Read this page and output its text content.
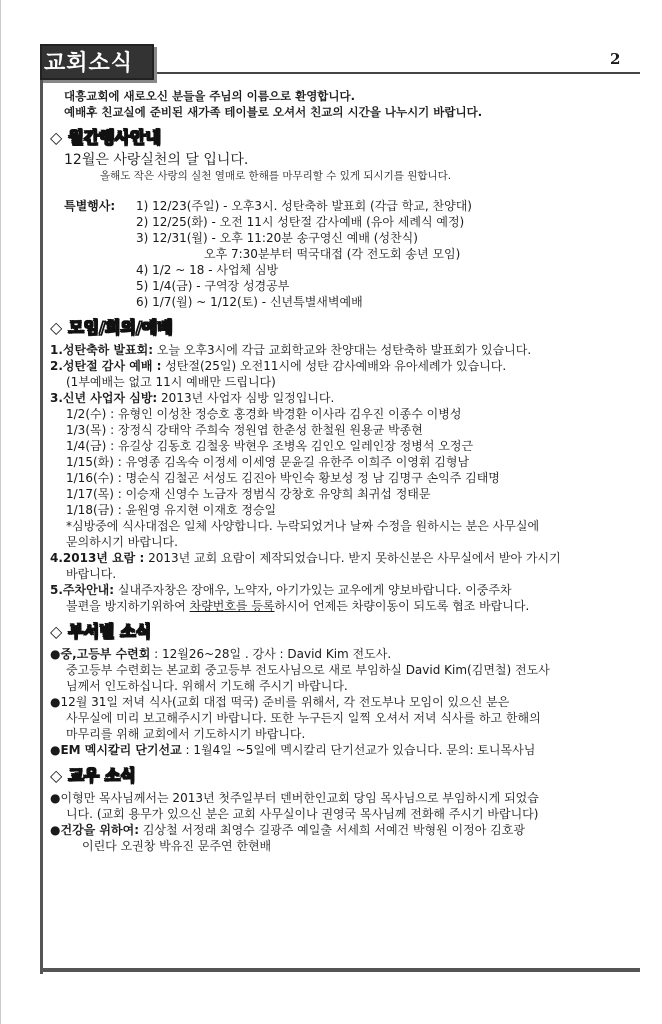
교회소식	2

대흥교회에 새로오신 분들을 주님의 이름으로 환영합니다.

예배후 친교실에 준비된 새가족 테이블로 오셔서 친교의 시간을 나누시기 바랍니다.

◇ 월간행사안내

12월은 사랑실천의 달 입니다.

올해도 작은 사랑의 실천 열매로 한해를 마무리할 수 있게 되시기를 원합니다.

특별행사:	1) 12/23(주일) - 오후3시. 성탄축하 발표회 (각급 학교, 찬양대)
2) 12/25(화) - 오전 11시 성탄절 감사예배 (유아 세례식 예정)
3) 12/31(월) - 오후 11:20분 송구영신 예배 (성찬식)
오후 7:30분부터 떡국대접 (각 전도회 송년 모임)
4) 1/2 ~ 18 - 사업체 심방
5) 1/4(금) - 구역장 성경공부
6) 1/7(월) ~ 1/12(토) - 신년특별새벽예배
◇ 모임/회의/예배

1.성탄축하 발표회: 오늘 오후3시에 각급 교회학교와 찬양대는 성탄축하 발표회가 있습니다.

2.성탄절 감사 예배 : 성탄절(25일) 오전11시에 성탄 감사예배와 유아세례가 있습니다.

(1부예배는 없고 11시 예배만 드립니다)

3.신년 사업자 심방: 2013년 사업자 심방 일정입니다.

1/2(수) : 유형인 이성찬 정승호 홍경화 박경환 이사라 김우진 이종수 이병성

1/3(목) : 장정식 강태악 주희숙 정원엽 한춘성 한철원 원용균 박종현

1/4(금) : 유길상 김동호 김철웅 박현우 조병옥 김인오 일레인장 정병석 오정근

1/15(화) : 유영종 김옥숙 이정세 이세영 문윤길 유한주 이희주 이영휘 김형남

1/16(수) : 명순식 김철곤 서성도 김진아 박인숙 황보성 정 남 김명구 손익주 김태명

1/17(목) : 이승재 신영수 노금자 정범식 강창호 유양희 최귀섭 정태문

1/18(금) : 윤원영 유지현 이재호 정승일

*심방중에 식사대접은 일체 사양합니다. 누락되었거나 날짜 수정을 원하시는 분은 사무실에

문의하시기 바랍니다.

4.2013년 요람 : 2013년 교회 요람이 제작되었습니다. 받지 못하신분은 사무실에서 받아 가시기

바랍니다.

5.주차안내: 실내주자창은 장애우, 노약자, 아기가있는 교우에게 양보바랍니다. 이중주차

불편을 방지하기위하여 차량번호를 등록하시어 언제든 차량이동이 되도록 협조 바랍니다.

◇ 부서별 소식

●중,고등부 수련회 : 12월26~28일 . 강사 : David Kim 전도사.

중고등부 수련회는 본교회 중고등부 전도사님으로 새로 부임하실 David Kim(김면철) 전도사

님께서 인도하십니다. 위해서 기도해 주시기 바랍니다.

●12월 31일 저녁 식사(교회 대접 떡국) 준비를 위해서, 각 전도부나 모임이 있으신 분은

사무실에 미리 보고해주시기 바랍니다. 또한 누구든지 일찍 오셔서 저녁 식사를 하고 한해의

마무리를 위해 교회에서 기도하시기 바랍니다.

●EM 멕시칼리 단기선교 : 1월4일 ~5일에 멕시칼리 단기선교가 있습니다. 문의: 토니목사님

◇ 교우 소식

●이형만 목사님께서는 2013년 첫주일부터 덴버한인교회 당임 목사님으로 부임하시게 되었습

니다. (교회 용무가 있으신 분은 교회 사무실이나 권영국 목사님께 전화해 주시기 바랍니다)

●건강을 위하여: 김상철 서정래 최영수 길광주 예일출 서세희 서예건 박형원 이정아 김호광

이린다 오권창 박유진 문주연 한현배
